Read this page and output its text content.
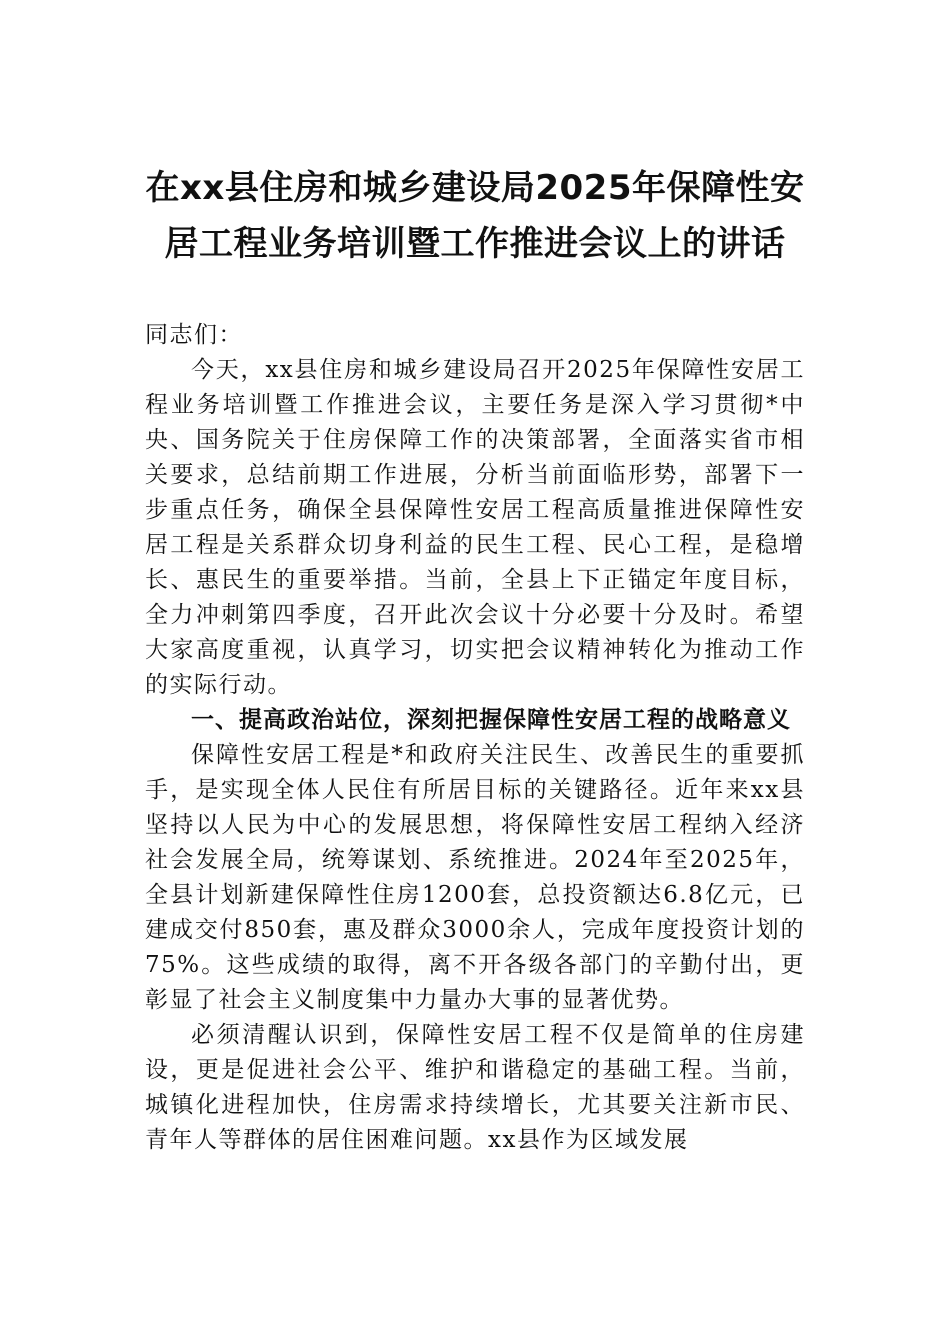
在xx县住房和城乡建设局2025年保障性安
居工程业务培训暨工作推进会议上的讲话

同志们：

今天，xx县住房和城乡建设局召开2025年保障性安居工程业务培训暨工作推进会议，主要任务是深入学习贯彻*中央、国务院关于住房保障工作的决策部署，全面落实省市相关要求，总结前期工作进展，分析当前面临形势，部署下一步重点任务，确保全县保障性安居工程高质量推进保障性安居工程是关系群众切身利益的民生工程、民心工程，是稳增长、惠民生的重要举措。当前，全县上下正锚定年度目标，全力冲刺第四季度，召开此次会议十分必要十分及时。希望大家高度重视，认真学习，切实把会议精神转化为推动工作的实际行动。

一、提高政治站位，深刻把握保障性安居工程的战略意义

保障性安居工程是*和政府关注民生、改善民生的重要抓手，是实现全体人民住有所居目标的关键路径。近年来xx县坚持以人民为中心的发展思想，将保障性安居工程纳入经济社会发展全局，统筹谋划、系统推进。2024年至2025年，全县计划新建保障性住房1200套，总投资额达6.8亿元，已建成交付850套，惠及群众3000余人，完成年度投资计划的75%。这些成绩的取得，离不开各级各部门的辛勤付出，更彰显了社会主义制度集中力量办大事的显著优势。

必须清醒认识到，保障性安居工程不仅是简单的住房建设，更是促进社会公平、维护和谐稳定的基础工程。当前，城镇化进程加快，住房需求持续增长，尤其要关注新市民、青年人等群体的居住困难问题。xx县作为区域发展
